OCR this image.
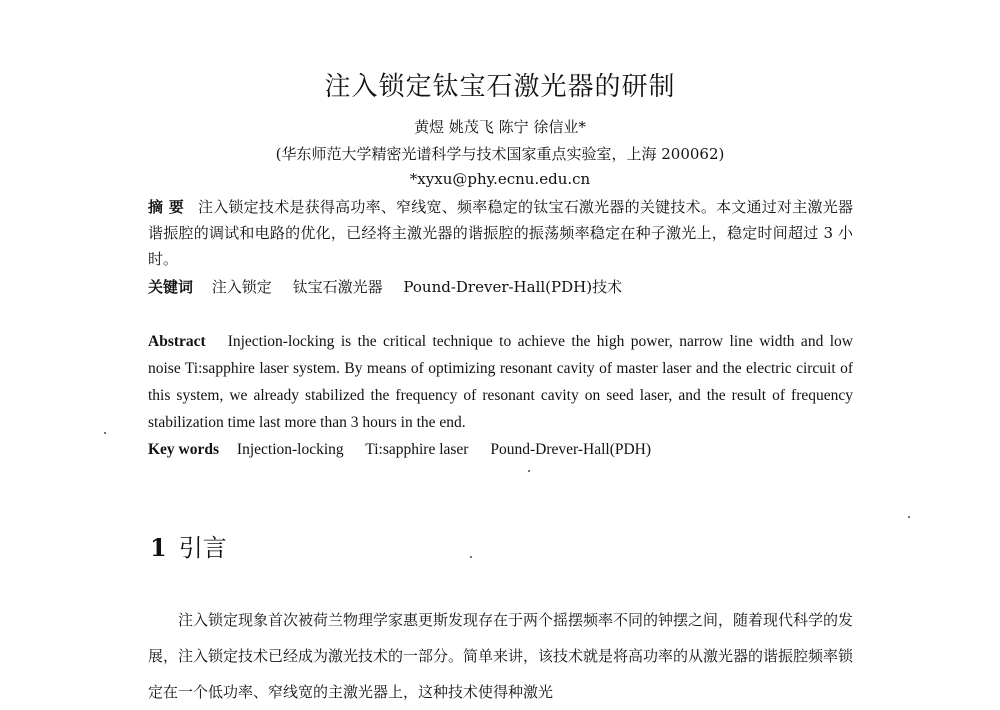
注入锁定钛宝石激光器的研制
黄煜 姚茂飞 陈宁 徐信业*
(华东师范大学精密光谱科学与技术国家重点实验室，上海 200062)
*xyxu@phy.ecnu.edu.cn
摘 要 注入锁定技术是获得高功率、窄线宽、频率稳定的钛宝石激光器的关键技术。本文通过对主激光器谐振腔的调试和电路的优化，已经将主激光器的谐振腔的振荡频率稳定在种子激光上，稳定时间超过 3 小时。
关键词 注入锁定 钛宝石激光器 Pound-Drever-Hall(PDH)技术
Abstract Injection-locking is the critical technique to achieve the high power, narrow line width and low noise Ti:sapphire laser system. By means of optimizing resonant cavity of master laser and the electric circuit of this system, we already stabilized the frequency of resonant cavity on seed laser, and the result of frequency stabilization time last more than 3 hours in the end.
Key words Injection-locking Ti:sapphire laser Pound-Drever-Hall(PDH)
1 引言
注入锁定现象首次被荷兰物理学家惠更斯发现存在于两个摇摆频率不同的钟摆之间，随着现代科学的发展，注入锁定技术已经成为激光技术的一部分。简单来讲，该技术就是将高功率的从激光器的谐振腔频率锁定在一个低功率、窄线宽的主激光器上，这种技术使得种激光
